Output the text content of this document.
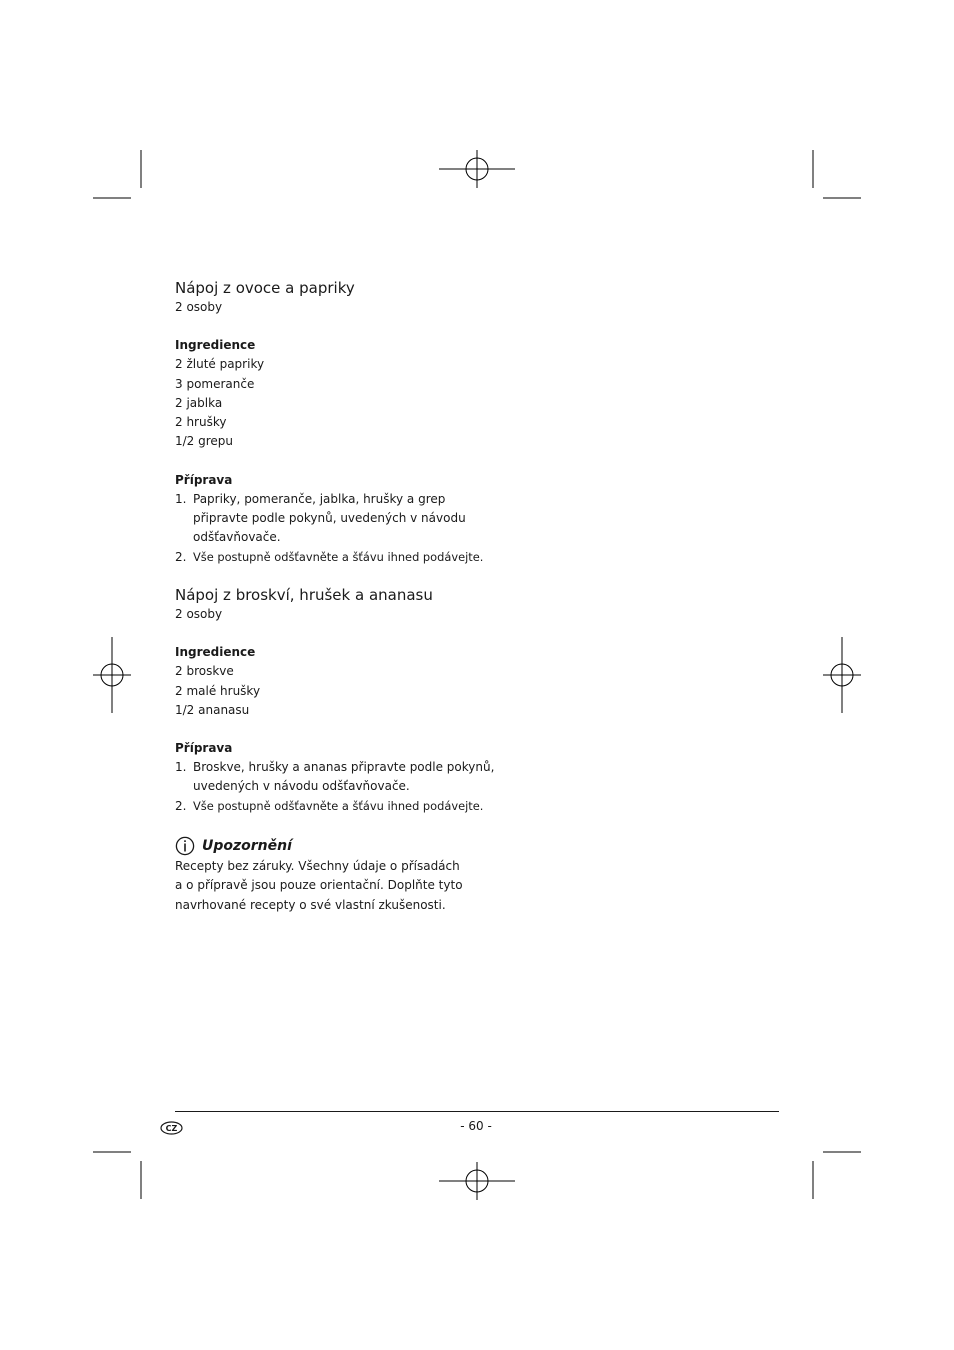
Nápoj z ovoce a papriky

2 osoby

Ingredience

2 žluté papriky
3 pomeranče
2 jablka
2 hrušky
1/2 grepu

Příprava

1. Papriky, pomeranče, jablka, hrušky a grep
připravte podle pokynů, uvedených v návodu
odšťavňovače.
2. Vše postupně odšťavněte a šťávu ihned podávejte.
Nápoj z broskví, hrušek a ananasu

2 osoby

Ingredience

2 broskve
2 malé hrušky
1/2 ananasu

Příprava

1. Broskve, hrušky a ananas připravte podle pokynů,
uvedených v návodu odšťavňovače.
2. Vše postupně odšťavněte a šťávu ihned podávejte.
Upozornění

Recepty bez záruky. Všechny údaje o přísadách
a o přípravě jsou pouze orientační. Doplňte tyto
navrhované recepty o své vlastní zkušenosti.

CZ	- 60 -
